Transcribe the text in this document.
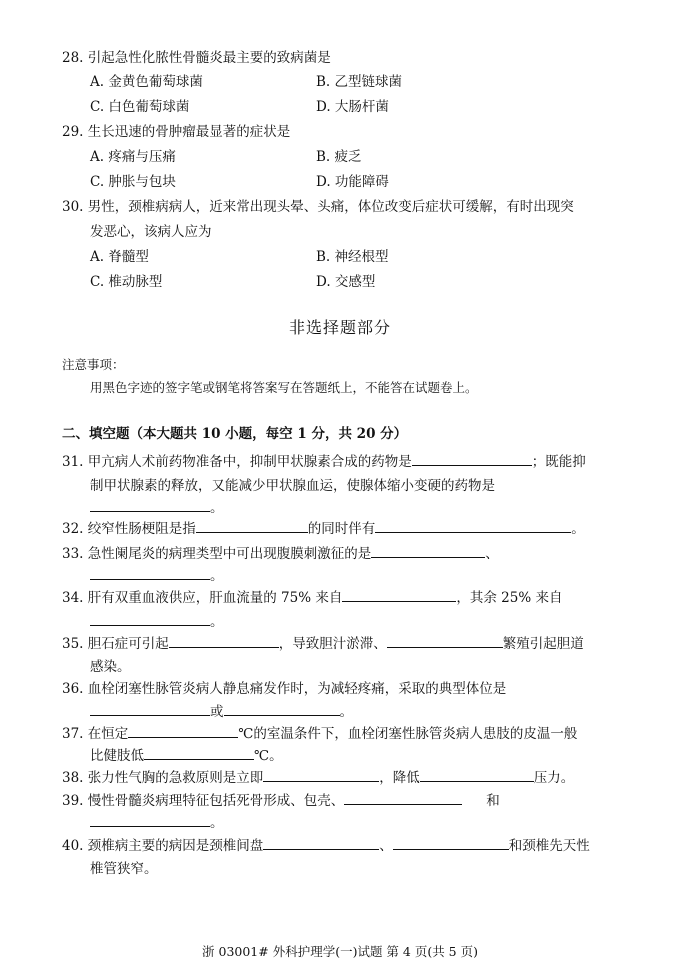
28. 引起急性化脓性骨髓炎最主要的致病菌是
A. 金黄色葡萄球菌	B. 乙型链球菌
C. 白色葡萄球菌	D. 大肠杆菌
29. 生长迅速的骨肿瘤最显著的症状是
A. 疼痛与压痛	B. 疲乏
C. 肿胀与包块	D. 功能障碍
30. 男性，颈椎病病人，近来常出现头晕、头痛，体位改变后症状可缓解，有时出现突
发恶心，该病人应为
A. 脊髓型	B. 神经根型
C. 椎动脉型	D. 交感型
非选择题部分
注意事项：
用黑色字迹的签字笔或钢笔将答案写在答题纸上，不能答在试题卷上。
二、填空题（本大题共 10 小题，每空 1 分，共 20 分）
31. 甲亢病人术前药物准备中，抑制甲状腺素合成的药物是	；既能抑
制甲状腺素的释放，又能减少甲状腺血运，使腺体缩小变硬的药物是
。
32. 绞窄性肠梗阻是指	的同时伴有	。
33. 急性阑尾炎的病理类型中可出现腹膜刺激征的是	、
。
34. 肝有双重血液供应，肝血流量的 75% 来自	，其余 25% 来自
。
35. 胆石症可引起	，导致胆汁淤滞、	繁殖引起胆道
感染。
36. 血栓闭塞性脉管炎病人静息痛发作时，为减轻疼痛，采取的典型体位是
或	。
37. 在恒定	℃的室温条件下，血栓闭塞性脉管炎病人患肢的皮温一般
比健肢低	℃。
38. 张力性气胸的急救原则是立即	，降低	压力。
39. 慢性骨髓炎病理特征包括死骨形成、包壳、	和
。
40. 颈椎病主要的病因是颈椎间盘	、	和颈椎先天性
椎管狭窄。
浙 03001# 外科护理学(一)试题 第 4 页(共 5 页)
